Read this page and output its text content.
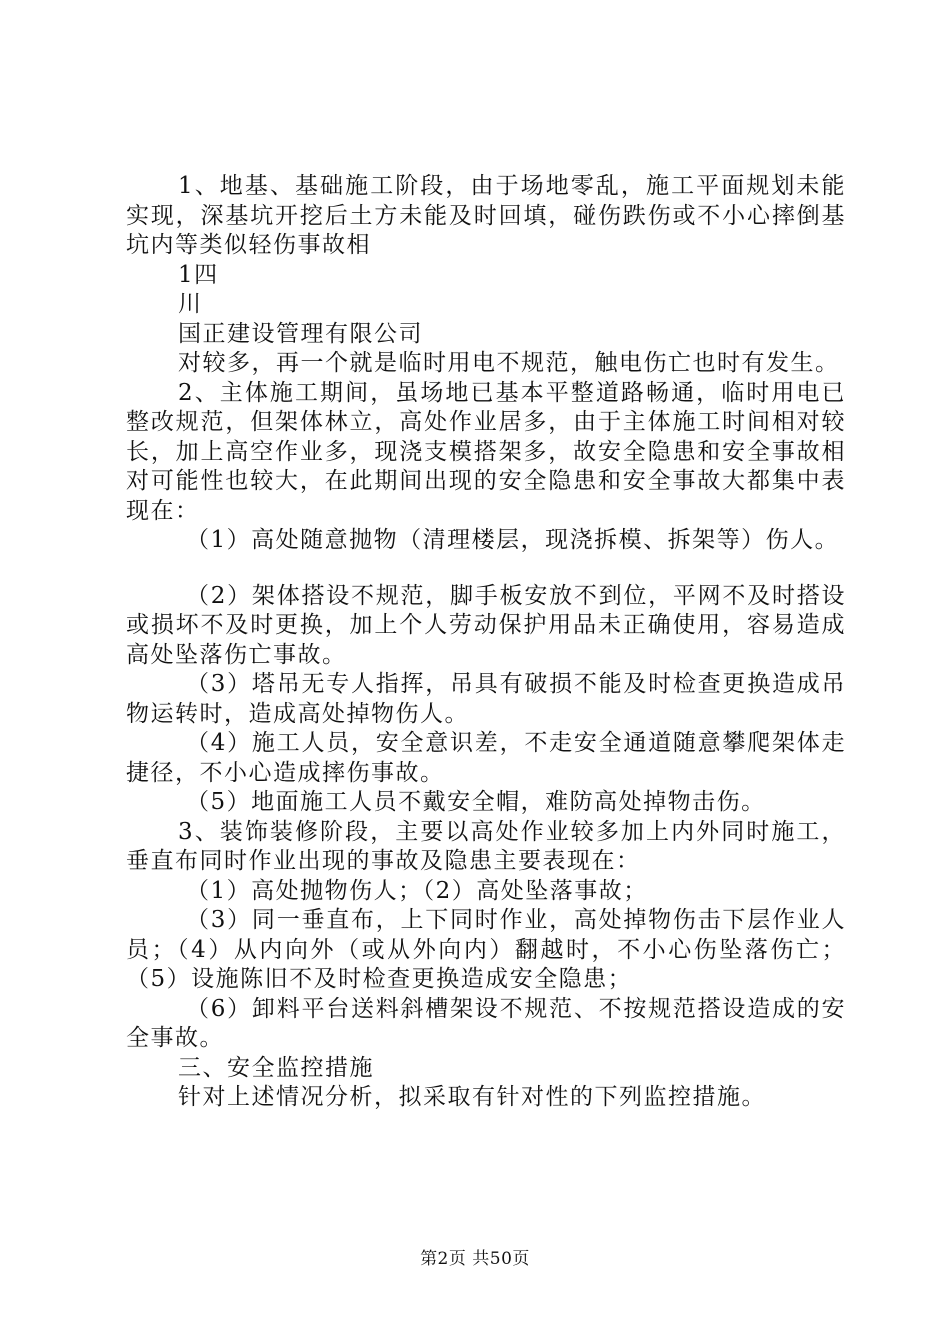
1、地基、基础施工阶段，由于场地零乱，施工平面规划未能实现，深基坑开挖后土方未能及时回填，碰伤跌伤或不小心摔倒基坑内等类似轻伤事故相

1四

川

国正建设管理有限公司

对较多，再一个就是临时用电不规范，触电伤亡也时有发生。

2、主体施工期间，虽场地已基本平整道路畅通，临时用电已整改规范，但架体林立，高处作业居多，由于主体施工时间相对较长，加上高空作业多，现浇支模搭架多，故安全隐患和安全事故相对可能性也较大，在此期间出现的安全隐患和安全事故大都集中表现在：

（1）高处随意抛物（清理楼层，现浇拆模、拆架等）伤人。

（2）架体搭设不规范，脚手板安放不到位，平网不及时搭设或损坏不及时更换，加上个人劳动保护用品未正确使用，容易造成高处坠落伤亡事故。

（3）塔吊无专人指挥，吊具有破损不能及时检查更换造成吊物运转时，造成高处掉物伤人。

（4）施工人员，安全意识差，不走安全通道随意攀爬架体走捷径，不小心造成摔伤事故。

（5）地面施工人员不戴安全帽，难防高处掉物击伤。

3、装饰装修阶段，主要以高处作业较多加上内外同时施工，垂直布同时作业出现的事故及隐患主要表现在：

（1）高处抛物伤人；（2）高处坠落事故；

（3）同一垂直布，上下同时作业，高处掉物伤击下层作业人员；（4）从内向外（或从外向内）翻越时，不小心伤坠落伤亡；（5）设施陈旧不及时检查更换造成安全隐患；

（6）卸料平台送料斜槽架设不规范、不按规范搭设造成的安全事故。

三、安全监控措施

针对上述情况分析，拟采取有针对性的下列监控措施。

第2页 共50页
